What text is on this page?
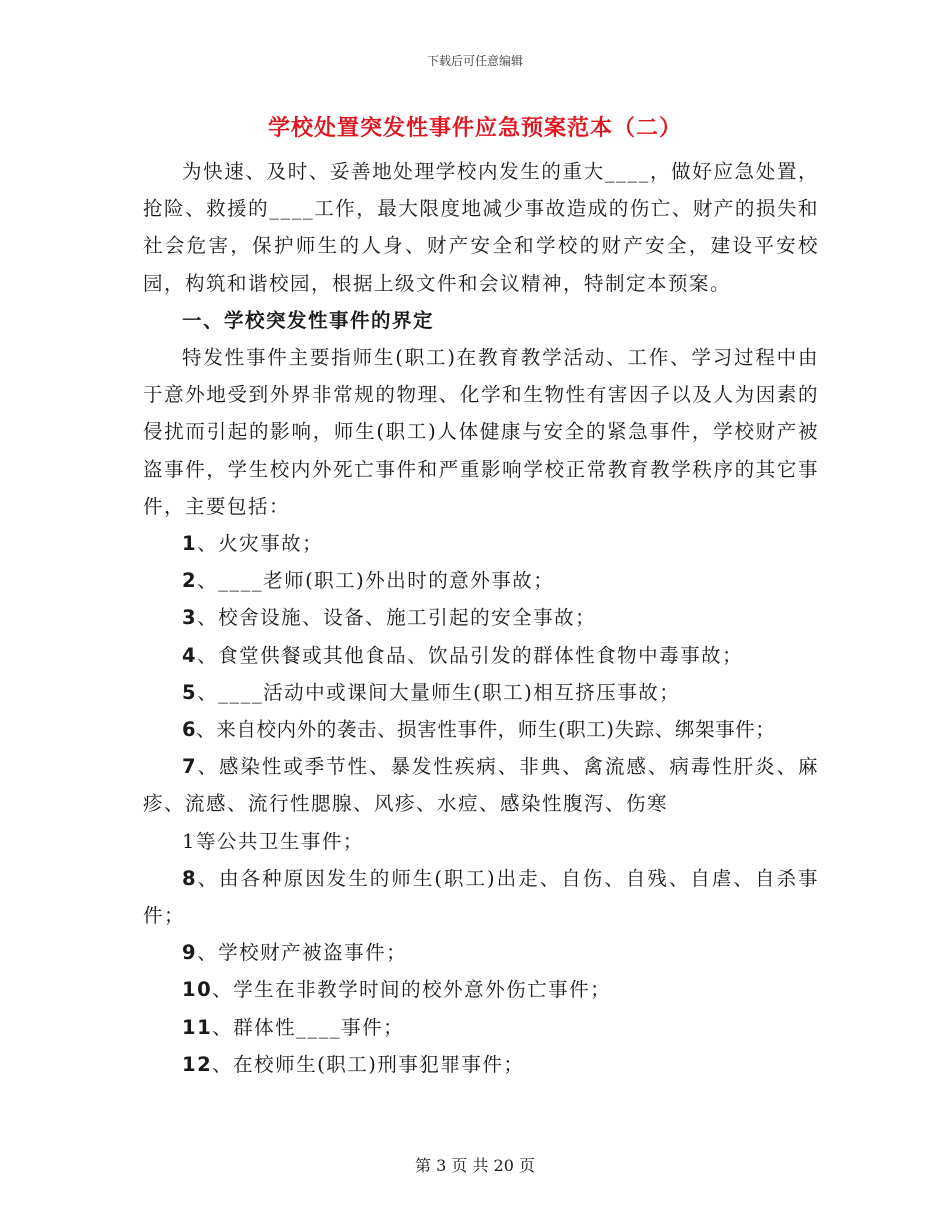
下载后可任意编辑
学校处置突发性事件应急预案范本（二）

为快速、及时、妥善地处理学校内发生的重大____，做好应急处置，抢险、救援的____工作，最大限度地减少事故造成的伤亡、财产的损失和社会危害，保护师生的人身、财产安全和学校的财产安全，建设平安校园，构筑和谐校园，根据上级文件和会议精神，特制定本预案。

一、学校突发性事件的界定

特发性事件主要指师生(职工)在教育教学活动、工作、学习过程中由于意外地受到外界非常规的物理、化学和生物性有害因子以及人为因素的侵扰而引起的影响，师生(职工)人体健康与安全的紧急事件，学校财产被盗事件，学生校内外死亡事件和严重影响学校正常教育教学秩序的其它事件，主要包括：

1、火灾事故；

2、____老师(职工)外出时的意外事故；

3、校舍设施、设备、施工引起的安全事故；

4、食堂供餐或其他食品、饮品引发的群体性食物中毒事故；

5、____活动中或课间大量师生(职工)相互挤压事故；

6、来自校内外的袭击、损害性事件，师生(职工)失踪、绑架事件；

7、感染性或季节性、暴发性疾病、非典、禽流感、病毒性肝炎、麻疹、流感、流行性腮腺、风疹、水痘、感染性腹泻、伤寒

1等公共卫生事件；

8、由各种原因发生的师生(职工)出走、自伤、自残、自虐、自杀事件；

9、学校财产被盗事件；

10、学生在非教学时间的校外意外伤亡事件；

11、群体性____事件；

12、在校师生(职工)刑事犯罪事件；

第 3 页 共 20 页
